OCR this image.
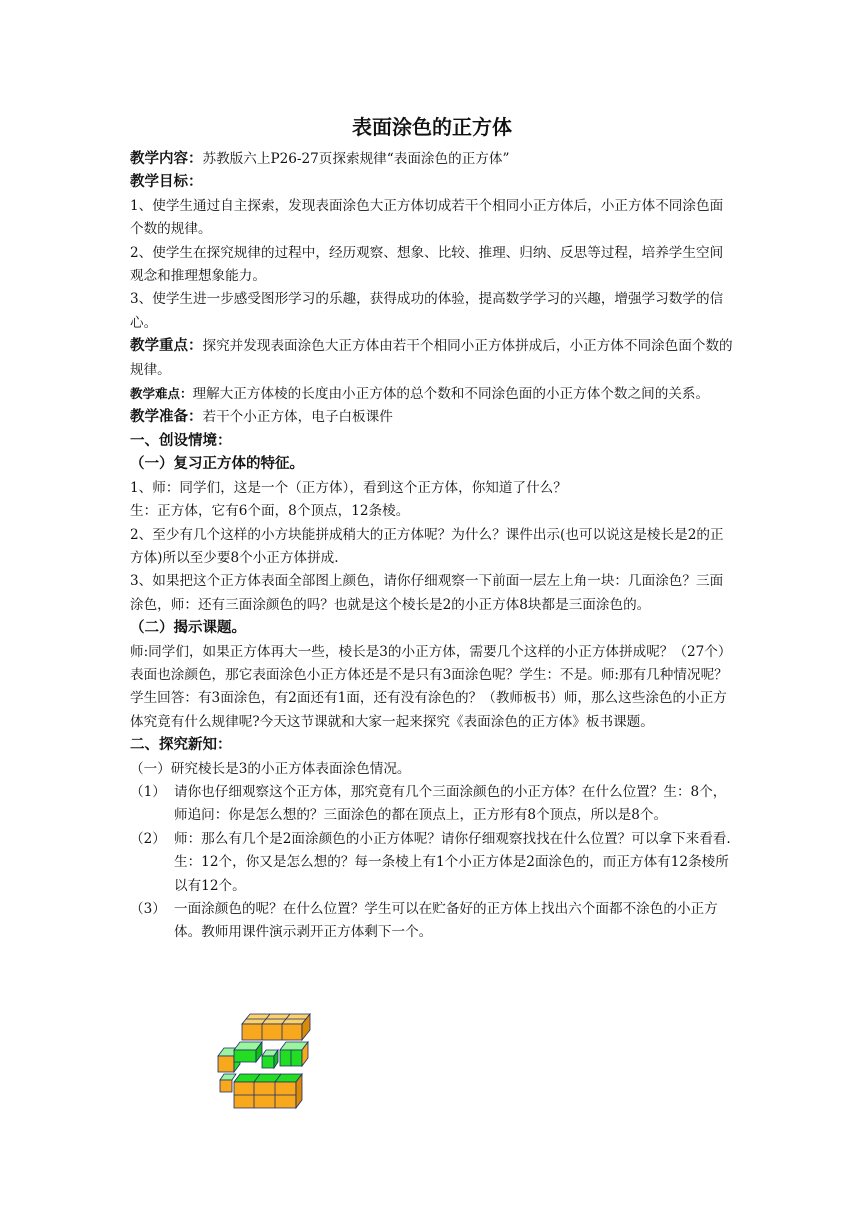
表面涂色的正方体

教学内容：苏教版六上P26-27页探索规律“表面涂色的正方体”

教学目标：

1、使学生通过自主探索，发现表面涂色大正方体切成若干个相同小正方体后，小正方体不同涂色面个数的规律。

2、使学生在探究规律的过程中，经历观察、想象、比较、推理、归纳、反思等过程，培养学生空间观念和推理想象能力。

3、使学生进一步感受图形学习的乐趣，获得成功的体验，提高数学学习的兴趣，增强学习数学的信心。

教学重点：探究并发现表面涂色大正方体由若干个相同小正方体拼成后，小正方体不同涂色面个数的规律。

教学难点：理解大正方体棱的长度由小正方体的总个数和不同涂色面的小正方体个数之间的关系。

教学准备：若干个小正方体，电子白板课件

一、创设情境：

（一）复习正方体的特征。

1、师：同学们，这是一个（正方体），看到这个正方体，你知道了什么？

生：正方体，它有6个面，8个顶点，12条棱。

2、至少有几个这样的小方块能拼成稍大的正方体呢？为什么？课件出示(也可以说这是棱长是2的正方体)所以至少要8个小正方体拼成.

3、如果把这个正方体表面全部图上颜色，请你仔细观察一下前面一层左上角一块：几面涂色？三面涂色，师：还有三面涂颜色的吗？也就是这个棱长是2的小正方体8块都是三面涂色的。

（二）揭示课题。

师:同学们，如果正方体再大一些，棱长是3的小正方体，需要几个这样的小正方体拼成呢？（27个）表面也涂颜色，那它表面涂色小正方体还是不是只有3面涂色呢？学生：不是。师:那有几种情况呢？学生回答：有3面涂色，有2面还有1面，还有没有涂色的？（教师板书）师，那么这些涂色的小正方体究竟有什么规律呢?今天这节课就和大家一起来探究《表面涂色的正方体》板书课题。

二、探究新知：

（一）研究棱长是3的小正方体表面涂色情况。

（1） 请你也仔细观察这个正方体，那究竟有几个三面涂颜色的小正方体？在什么位置？生：8个，师追问：你是怎么想的？三面涂色的都在顶点上，正方形有8个顶点，所以是8个。
（2） 师：那么有几个是2面涂颜色的小正方体呢？请你仔细观察找找在什么位置？可以拿下来看看.生：12个，你又是怎么想的？每一条棱上有1个小正方体是2面涂色的，而正方体有12条棱所以有12个。
（3） 一面涂颜色的呢？在什么位置？学生可以在贮备好的正方体上找出六个面都不涂色的小正方体。教师用课件演示剥开正方体剩下一个。
